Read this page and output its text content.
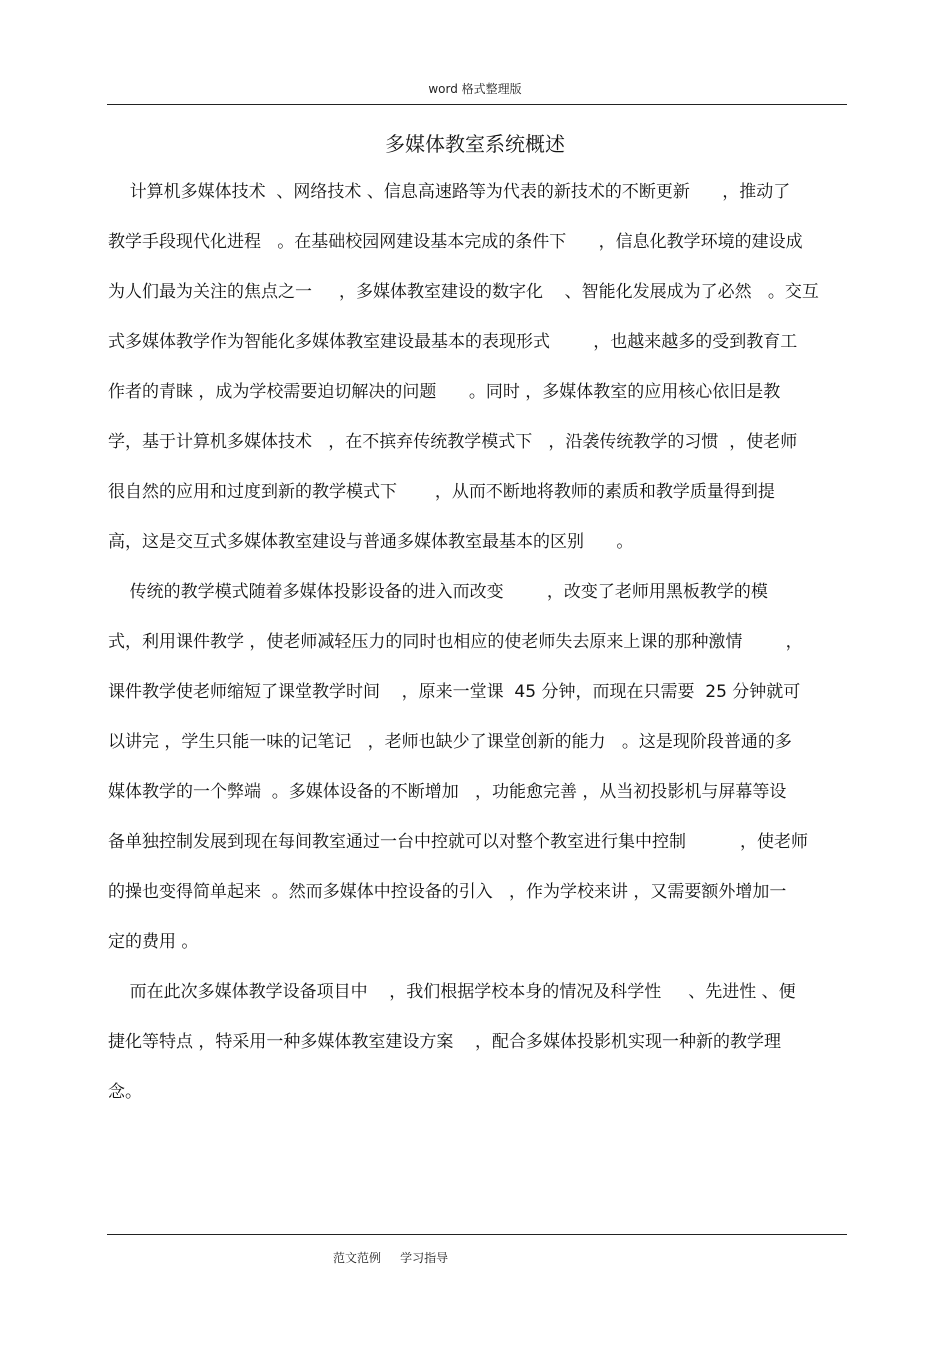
word 格式整理版
多媒体教室系统概述
计算机多媒体技术  、网络技术 、信息高速路等为代表的新技术的不断更新      ，推动了
教学手段现代化进程   。在基础校园网建设基本完成的条件下      ，信息化教学环境的建设成
为人们最为关注的焦点之一     ，多媒体教室建设的数字化    、智能化发展成为了必然   。交互
式多媒体教学作为智能化多媒体教室建设最基本的表现形式        ，也越来越多的受到教育工
作者的青睐 ，成为学校需要迫切解决的问题      。同时 ，多媒体教室的应用核心依旧是教
学，基于计算机多媒体技术   ，在不摈弃传统教学模式下   ，沿袭传统教学的习惯  ，使老师
很自然的应用和过度到新的教学模式下       ，从而不断地将教师的素质和教学质量得到提
高，这是交互式多媒体教室建设与普通多媒体教室最基本的区别      。
传统的教学模式随着多媒体投影设备的进入而改变        ，改变了老师用黑板教学的模
式，利用课件教学 ，使老师减轻压力的同时也相应的使老师失去原来上课的那种激情        ，
课件教学使老师缩短了课堂教学时间    ，原来一堂课  45 分钟，而现在只需要  25 分钟就可
以讲完 ，学生只能一味的记笔记   ，老师也缺少了课堂创新的能力   。这是现阶段普通的多
媒体教学的一个弊端  。多媒体设备的不断增加   ，功能愈完善 ，从当初投影机与屏幕等设
备单独控制发展到现在每间教室通过一台中控就可以对整个教室进行集中控制          ，使老师
的操也变得简单起来  。然而多媒体中控设备的引入   ，作为学校来讲 ，又需要额外增加一
定的费用 。
而在此次多媒体教学设备项目中    ，我们根据学校本身的情况及科学性     、先进性 、便
捷化等特点 ，特采用一种多媒体教室建设方案    ，配合多媒体投影机实现一种新的教学理
念。
范文范例     学习指导
